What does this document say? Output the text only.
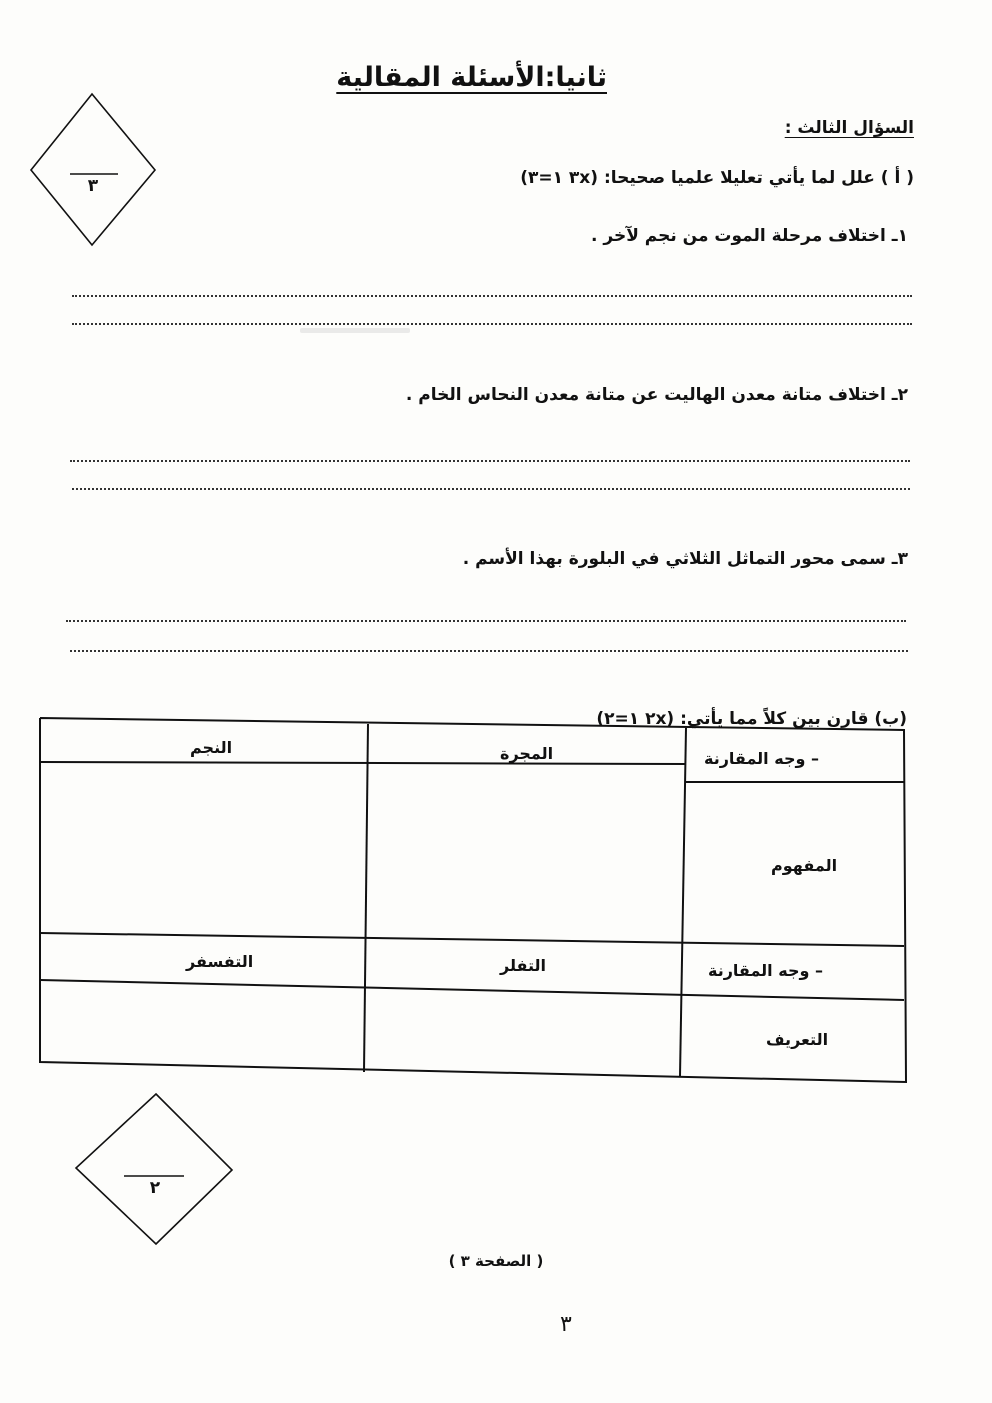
ثانيا:الأسئلة المقالية
٣
السؤال الثالث :
( أ ) علل لما يأتي تعليلا علميا صحيحا: (٣x ١=٣)
١ـ اختلاف مرحلة الموت من نجم لآخر .
٢ـ اختلاف متانة معدن الهاليت عن متانة معدن النحاس الخام .
٣ـ سمى محور التماثل الثلاثي في البلورة بهذا الأسم .
(ب) قارن بين كلاً مما يأتي: (٢x ١=٢)
– وجه المقارنة
المجرة
النجم
المفهوم
– وجه المقارنة
التفلر
التفسفر
التعريف
٢
( الصفحة ٣ )
٣
